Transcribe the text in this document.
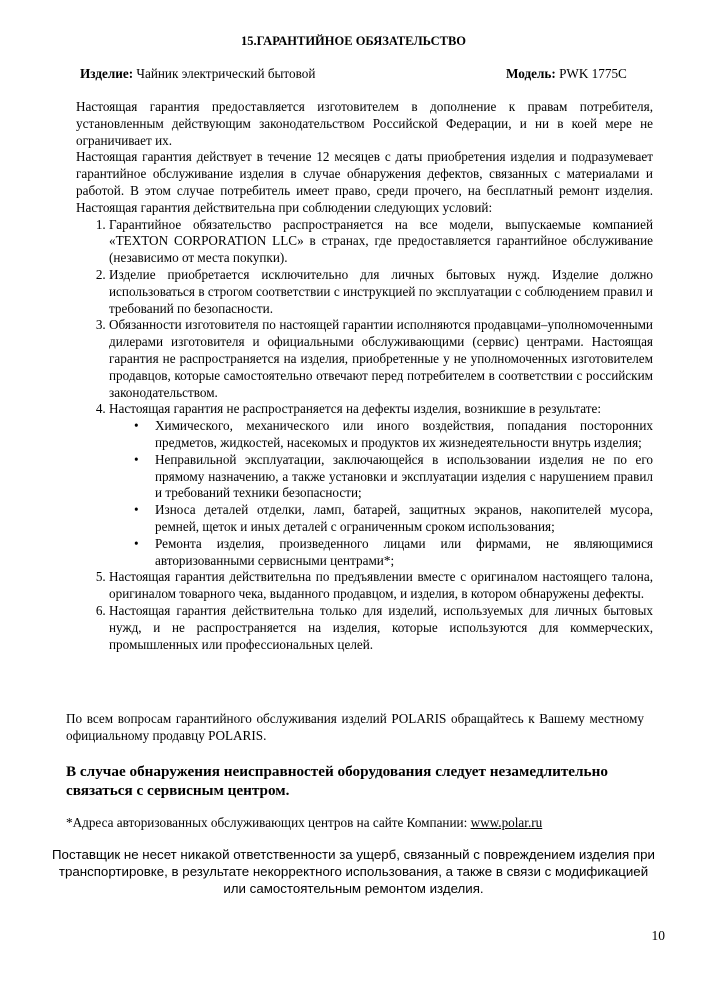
15.ГАРАНТИЙНОЕ ОБЯЗАТЕЛЬСТВО
Изделие: Чайник электрический бытовой	Модель: PWK 1775C

Настоящая гарантия предоставляется изготовителем в дополнение к правам потребителя, установленным действующим законодательством Российской Федерации, и ни в коей мере не ограничивает их.

Настоящая гарантия действует в течение 12 месяцев с даты приобретения изделия и подразумевает гарантийное обслуживание изделия в случае обнаружения дефектов, связанных с материалами и работой. В этом случае потребитель имеет право, среди прочего, на бесплатный ремонт изделия. Настоящая гарантия действительна при соблюдении следующих условий:

1. Гарантийное обязательство распространяется на все модели, выпускаемые компанией «TEXTON CORPORATION LLC» в странах, где предоставляется гарантийное обслуживание (независимо от места покупки).
2. Изделие приобретается исключительно для личных бытовых нужд. Изделие должно использоваться в строгом соответствии с инструкцией по эксплуатации с соблюдением правил и требований по безопасности.
3. Обязанности изготовителя по настоящей гарантии исполняются продавцами–уполномоченными дилерами изготовителя и официальными обслуживающими (сервис) центрами. Настоящая гарантия не распространяется на изделия, приобретенные у не уполномоченных изготовителем продавцов, которые самостоятельно отвечают перед потребителем в соответствии с российским законодательством.
4. Настоящая гарантия не распространяется на дефекты изделия, возникшие в результате:
• Химического, механического или иного воздействия, попадания посторонних предметов, жидкостей, насекомых и продуктов их жизнедеятельности внутрь изделия;
• Неправильной эксплуатации, заключающейся в использовании изделия не по его прямому назначению, а также установки и эксплуатации изделия с нарушением правил и требований техники безопасности;
• Износа деталей отделки, ламп, батарей, защитных экранов, накопителей мусора, ремней, щеток и иных деталей с ограниченным сроком использования;
• Ремонта изделия, произведенного лицами или фирмами, не являющимися авторизованными сервисными центрами*;
5. Настоящая гарантия действительна по предъявлении вместе с оригиналом настоящего талона, оригиналом товарного чека, выданного продавцом, и изделия, в котором обнаружены дефекты.
6. Настоящая гарантия действительна только для изделий, используемых для личных бытовых нужд, и не распространяется на изделия, которые используются для коммерческих, промышленных или профессиональных целей.

По всем вопросам гарантийного обслуживания изделий POLARIS обращайтесь к Вашему местному официальному продавцу POLARIS.

В случае обнаружения неисправностей оборудования следует незамедлительно связаться с сервисным центром.
*Адреса авторизованных обслуживающих центров на сайте Компании: www.polar.ru
Поставщик не несет никакой ответственности за ущерб, связанный с повреждением изделия при транспортировке, в результате некорректного использования, а также в связи с модификацией или самостоятельным ремонтом изделия.
10
